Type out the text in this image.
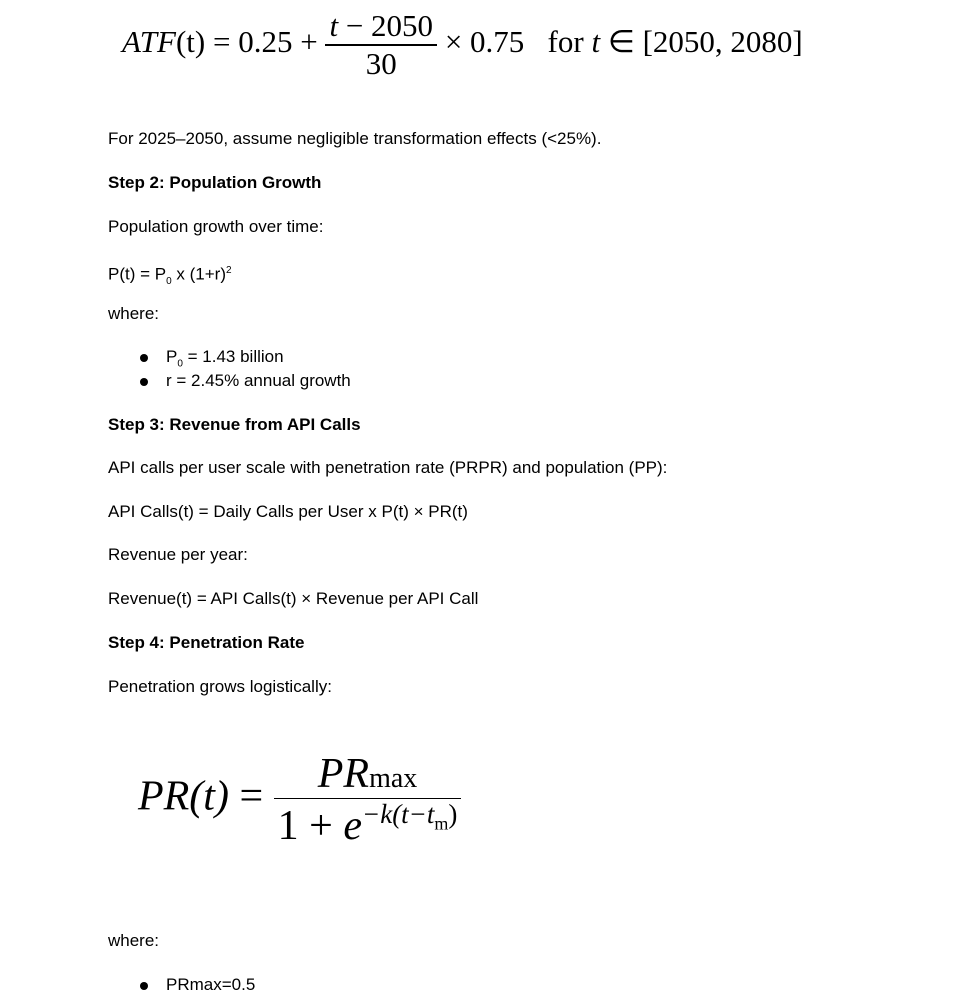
$ATF(t) = 0.25 + \frac{t - 2050}{30} \times 0.75$ for t ∈ [2050, 2080]
For 2025–2050, assume negligible transformation effects (<25%).
Step 2: Population Growth
Population growth over time:
$P(t) = P_0$ x $(1+r)^2$
where:
$P_0 = 1.43$ billion
r = 2.45% annual growth
Step 3: Revenue from API Calls
API calls per user scale with penetration rate (PRPR) and population (PP):
API Calls(t) = Daily Calls per User x P(t) × PR(t)
Revenue per year:
Revenue(t) = API Calls(t) × Revenue per API Call
Step 4: Penetration Rate
Penetration grows logistically:
$PR(t) = \frac{PRmax}{1 + e^{-k(t-t_m)}}$
where:
PRmax=0.5
